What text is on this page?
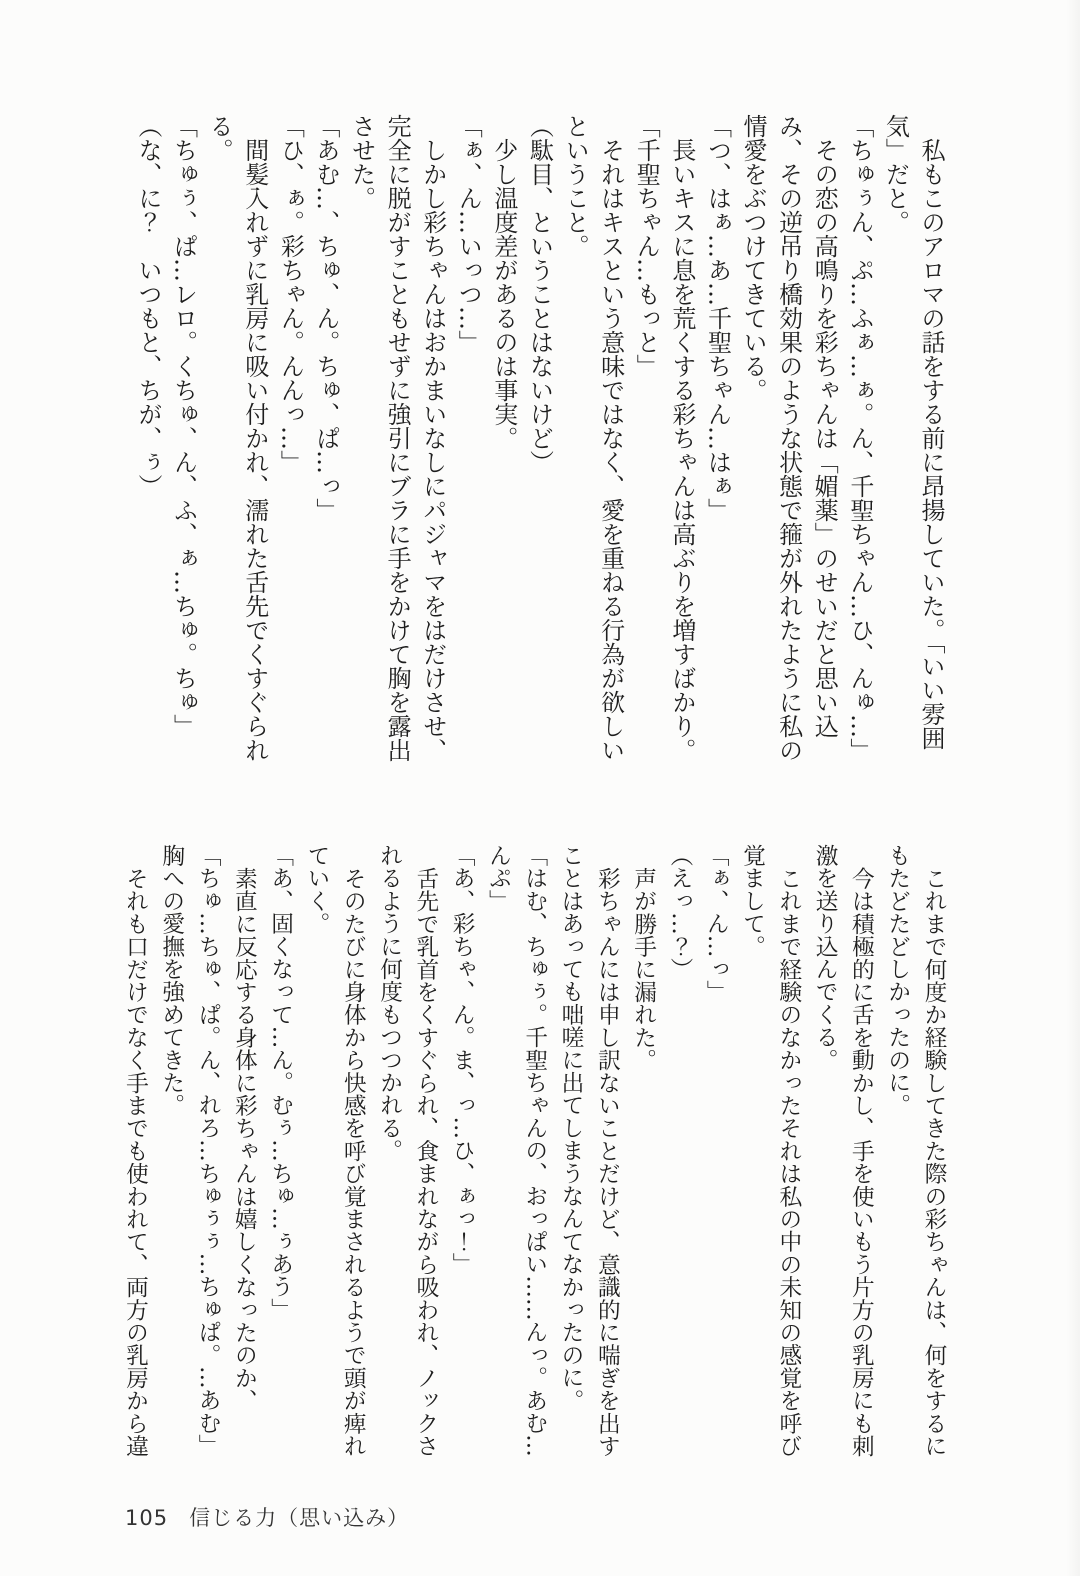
私もこのアロマの話をする前に昂揚していた。「いい雰囲
気」だと。
「ちゅぅん、ぷ…ふぁ…ぁ。ん、千聖ちゃん…ひ、んゅ…」
その恋の高鳴りを彩ちゃんは「媚薬」のせいだと思い込
み、その逆吊り橋効果のような状態で箍が外れたように私の
情愛をぶつけてきている。
「つ、はぁ…あ…千聖ちゃん…はぁ」
長いキスに息を荒くする彩ちゃんは高ぶりを増すばかり。
「千聖ちゃん…もっと」
それはキスという意味ではなく、愛を重ねる行為が欲しい
ということ。
（駄目、ということはないけど）
少し温度差があるのは事実。
「ぁ、ん…いっつ…」
しかし彩ちゃんはおかまいなしにパジャマをはだけさせ、
完全に脱がすこともせずに強引にブラに手をかけて胸を露出
させた。
「あむ…、ちゅ、ん。ちゅ、ぱ…っ」
「ひ、ぁ。彩ちゃん。んんっ…」
間髪入れずに乳房に吸い付かれ、濡れた舌先でくすぐられ
る。
「ちゅぅ、ぱ…レロ。くちゅ、ん、ふ、ぁ…ちゅ。ちゅ」
（な、に？　いつもと、ちが、ぅ）
これまで何度か経験してきた際の彩ちゃんは、何をするに
もたどたどしかったのに。
今は積極的に舌を動かし、手を使いもう片方の乳房にも刺
激を送り込んでくる。
これまで経験のなかったそれは私の中の未知の感覚を呼び
覚まして。
「ぁ、ん…っ」
（えっ…？）
声が勝手に漏れた。
彩ちゃんには申し訳ないことだけど、意識的に喘ぎを出す
ことはあっても咄嗟に出てしまうなんてなかったのに。
「はむ、ちゅぅ。千聖ちゃんの、おっぱい……んっ。あむ…
んぷ」
「あ、彩ちゃ、ん。ま、っ…ひ、ぁっ！」
舌先で乳首をくすぐられ、食まれながら吸われ、ノックさ
れるように何度もつつかれる。
そのたびに身体から快感を呼び覚まされるようで頭が痺れ
ていく。
「あ、固くなって…ん。むぅ…ちゅ…ぅあう」
素直に反応する身体に彩ちゃんは嬉しくなったのか、
「ちゅ…ちゅ、ぱ。ん、れろ…ちゅぅぅ…ちゅぱ。…あむ」
胸への愛撫を強めてきた。
それも口だけでなく手までも使われて、両方の乳房から違
105 信じる力（思い込み）
